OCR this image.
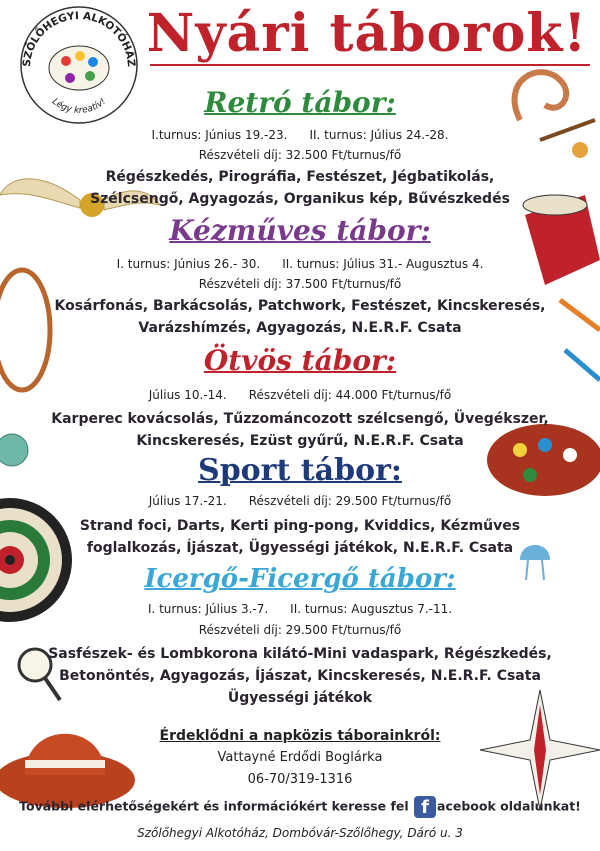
SZŐLŐHEGYI ALKOTÓHÁZ
Légy kreatív!
Nyári táborok!
Retró tábor:
I.turnus: Június 19.-23. II. turnus: Július 24.-28.
Részvételi díj: 32.500 Ft/turnus/fő
Régészkedés, Pirográfia, Festészet, Jégbatikolás,
Szélcsengő, Agyagozás, Organikus kép, Bűvészkedés
Kézműves tábor:
I. turnus: Június 26.- 30. II. turnus: Július 31.- Augusztus 4.
Részvételi díj: 37.500 Ft/turnus/fő
Kosárfonás, Barkácsolás, Patchwork, Festészet, Kincskeresés,
Varázshímzés, Agyagozás, N.E.R.F. Csata
Ötvös tábor:
Július 10.-14. Részvételi díj: 44.000 Ft/turnus/fő
Karperec kovácsolás, Tűzzománcozott szélcsengő, Üvegékszer,
Kincskeresés, Ezüst gyűrű, N.E.R.F. Csata
Sport tábor:
Július 17.-21. Részvételi díj: 29.500 Ft/turnus/fő
Strand foci, Darts, Kerti ping-pong, Kviddics, Kézműves
foglalkozás, Íjászat, Ügyességi játékok, N.E.R.F. Csata
Icergő-Ficergő tábor:
I. turnus: Július 3.-7. II. turnus: Augusztus 7.-11.
Részvételi díj: 29.500 Ft/turnus/fő
Sasfészek- és Lombkorona kilátó-Mini vadaspark, Régészkedés,
Betonöntés, Agyagozás, Íjászat, Kincskeresés, N.E.R.F. Csata
Ügyességi játékok
Érdeklődni a napközis táborainkról:
Vattayné Erdődi Boglárka
06-70/319-1316
További elérhetőségekért és információkért keresse fel f acebook oldalunkat!
Szőlőhegyi Alkotóház, Dombóvár-Szőlőhegy, Dáró u. 3
